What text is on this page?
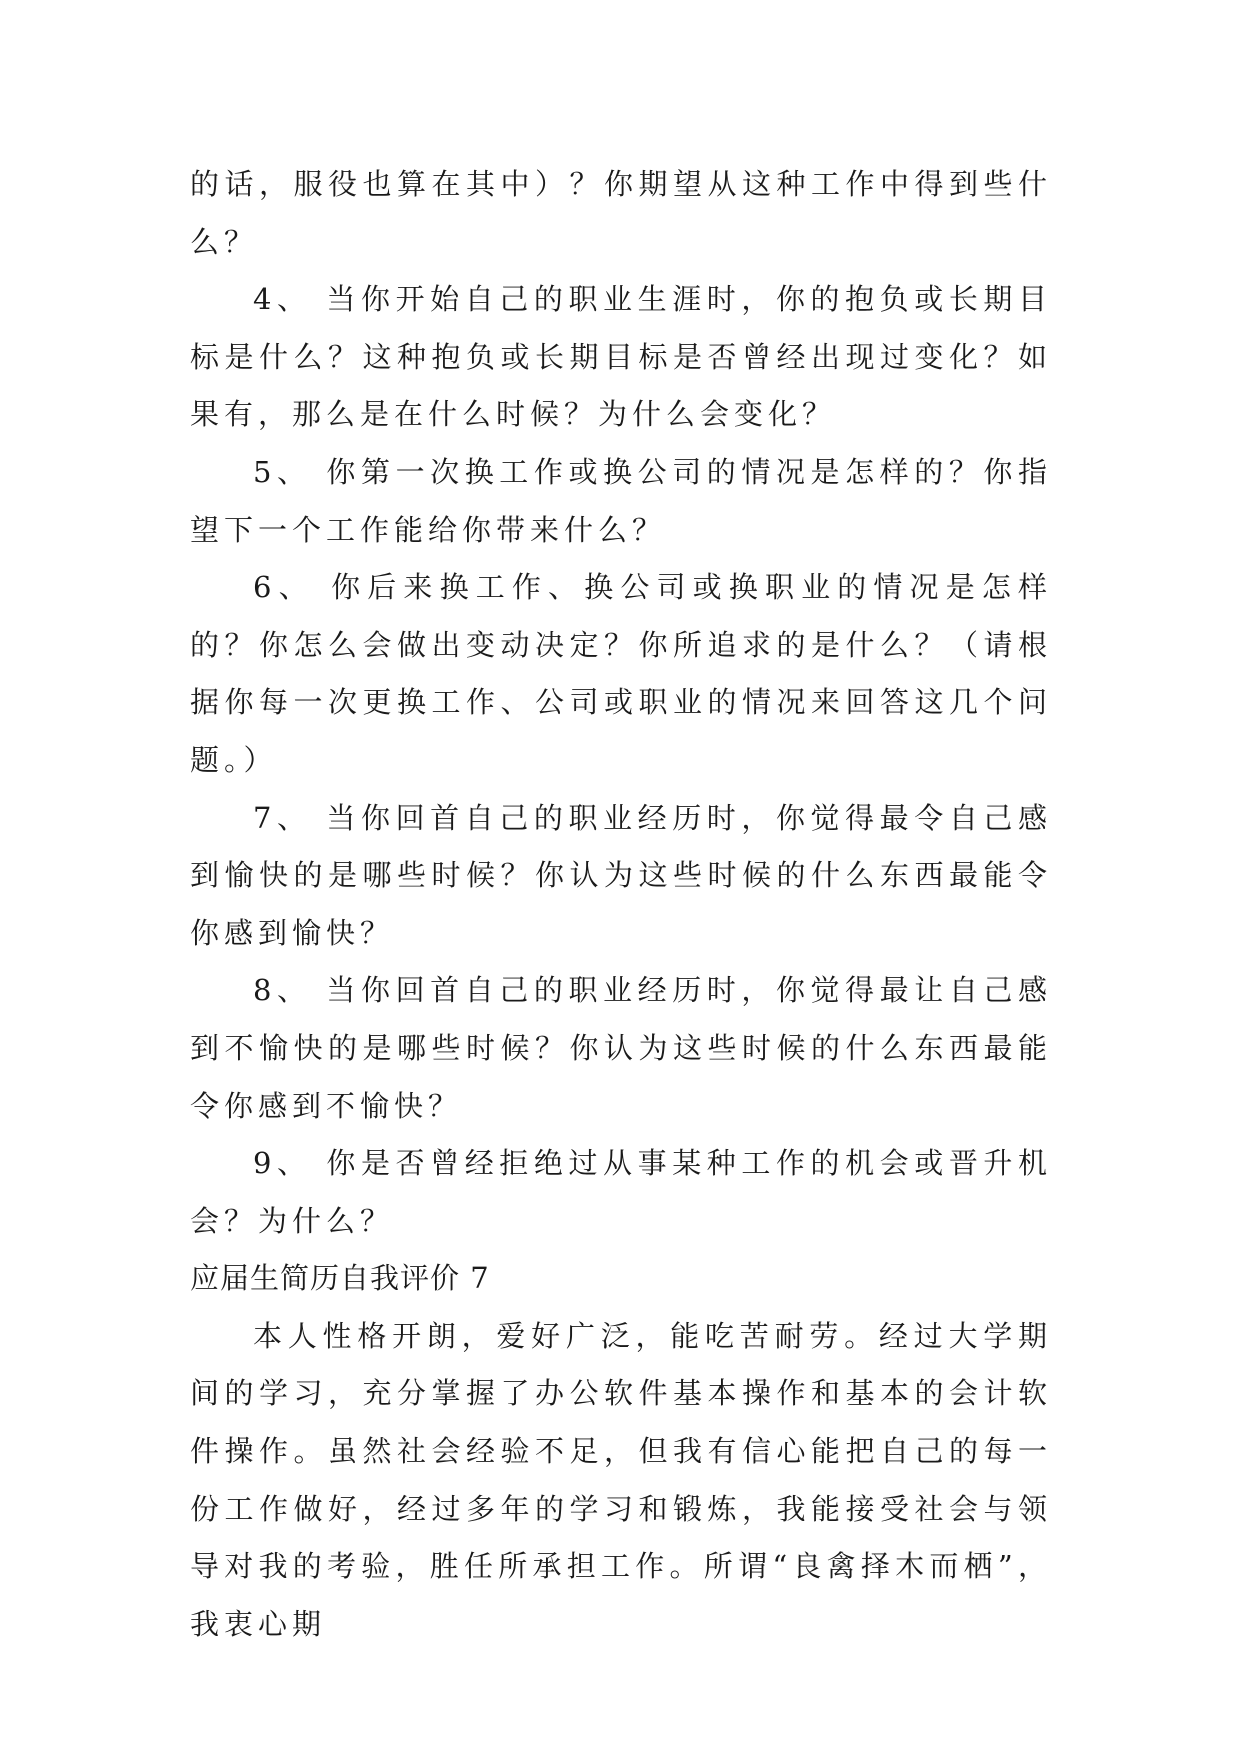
的话，服役也算在其中）？你期望从这种工作中得到些什么？

4、 当你开始自己的职业生涯时，你的抱负或长期目标是什么？这种抱负或长期目标是否曾经出现过变化？如果有，那么是在什么时候？为什么会变化？

5、 你第一次换工作或换公司的情况是怎样的？你指望下一个工作能给你带来什么？

6、 你后来换工作、换公司或换职业的情况是怎样的？你怎么会做出变动决定？你所追求的是什么？（请根据你每一次更换工作、公司或职业的情况来回答这几个问题。）

7、 当你回首自己的职业经历时，你觉得最令自己感到愉快的是哪些时候？你认为这些时候的什么东西最能令你感到愉快？

8、 当你回首自己的职业经历时，你觉得最让自己感到不愉快的是哪些时候？你认为这些时候的什么东西最能令你感到不愉快？

9、 你是否曾经拒绝过从事某种工作的机会或晋升机会？为什么？

应届生简历自我评价 7

本人性格开朗，爱好广泛，能吃苦耐劳。经过大学期间的学习，充分掌握了办公软件基本操作和基本的会计软件操作。虽然社会经验不足，但我有信心能把自己的每一份工作做好，经过多年的学习和锻炼，我能接受社会与领导对我的考验，胜任所承担工作。所谓“良禽择木而栖”，我衷心期
